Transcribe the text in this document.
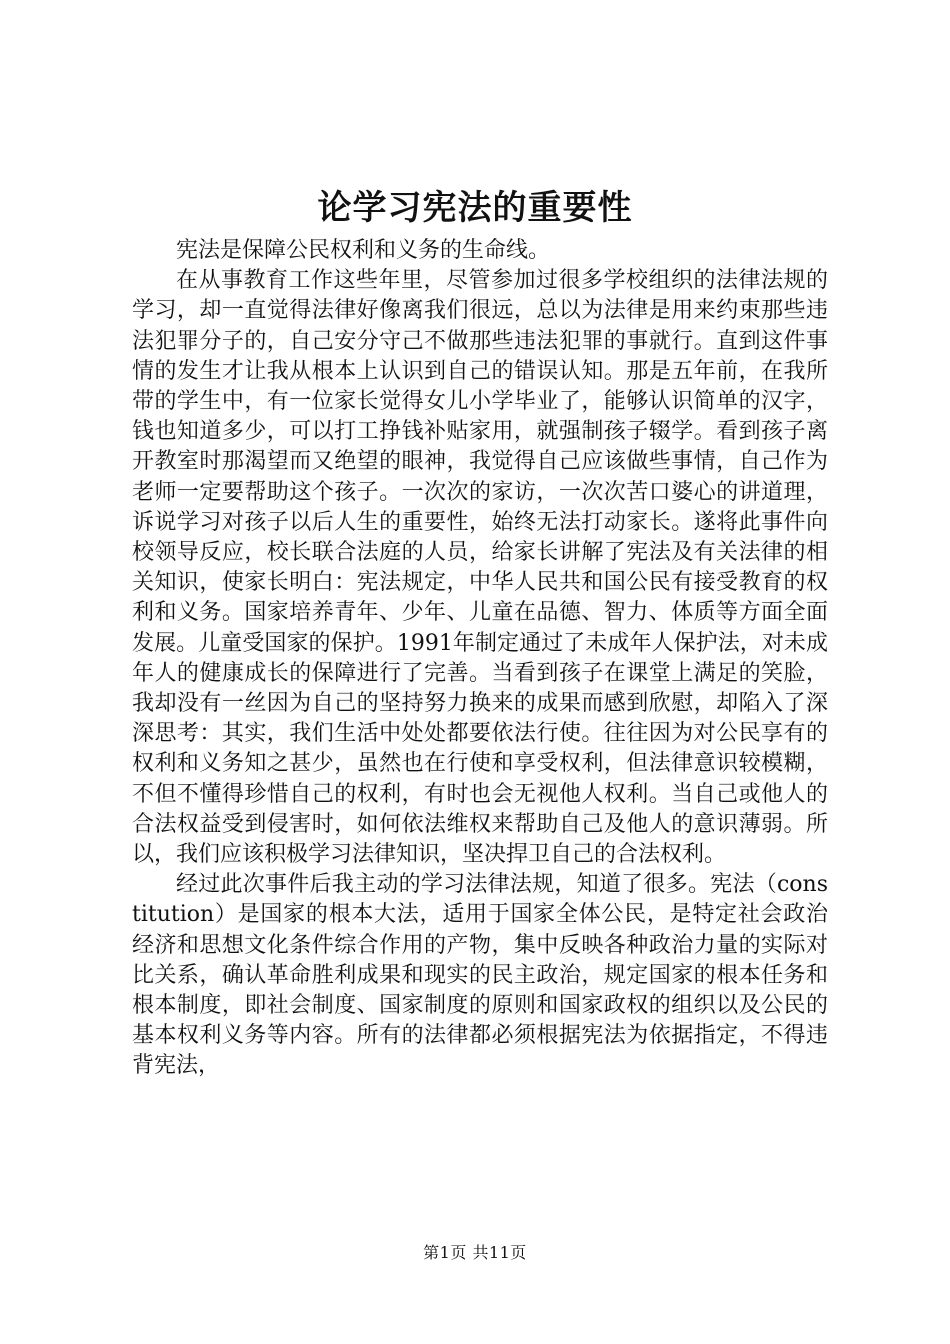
论学习宪法的重要性

宪法是保障公民权利和义务的生命线。

在从事教育工作这些年里，尽管参加过很多学校组织的法律法规的学习，却一直觉得法律好像离我们很远，总以为法律是用来约束那些违法犯罪分子的，自己安分守己不做那些违法犯罪的事就行。直到这件事情的发生才让我从根本上认识到自己的错误认知。那是五年前，在我所带的学生中，有一位家长觉得女儿小学毕业了，能够认识简单的汉字，钱也知道多少，可以打工挣钱补贴家用，就强制孩子辍学。看到孩子离开教室时那渴望而又绝望的眼神，我觉得自己应该做些事情，自己作为老师一定要帮助这个孩子。一次次的家访，一次次苦口婆心的讲道理，诉说学习对孩子以后人生的重要性，始终无法打动家长。遂将此事件向校领导反应，校长联合法庭的人员，给家长讲解了宪法及有关法律的相关知识，使家长明白：宪法规定，中华人民共和国公民有接受教育的权利和义务。国家培养青年、少年、儿童在品德、智力、体质等方面全面发展。儿童受国家的保护。1991年制定通过了未成年人保护法，对未成年人的健康成长的保障进行了完善。当看到孩子在课堂上满足的笑脸，我却没有一丝因为自己的坚持努力换来的成果而感到欣慰，却陷入了深深思考：其实，我们生活中处处都要依法行使。往往因为对公民享有的权利和义务知之甚少，虽然也在行使和享受权利，但法律意识较模糊，不但不懂得珍惜自己的权利，有时也会无视他人权利。当自己或他人的合法权益受到侵害时，如何依法维权来帮助自己及他人的意识薄弱。所以，我们应该积极学习法律知识，坚决捍卫自己的合法权利。

经过此次事件后我主动的学习法律法规，知道了很多。宪法（constitution）是国家的根本大法，适用于国家全体公民，是特定社会政治经济和思想文化条件综合作用的产物，集中反映各种政治力量的实际对比关系，确认革命胜利成果和现实的民主政治，规定国家的根本任务和根本制度，即社会制度、国家制度的原则和国家政权的组织以及公民的基本权利义务等内容。所有的法律都必须根据宪法为依据指定，不得违背宪法，

第1页 共11页
